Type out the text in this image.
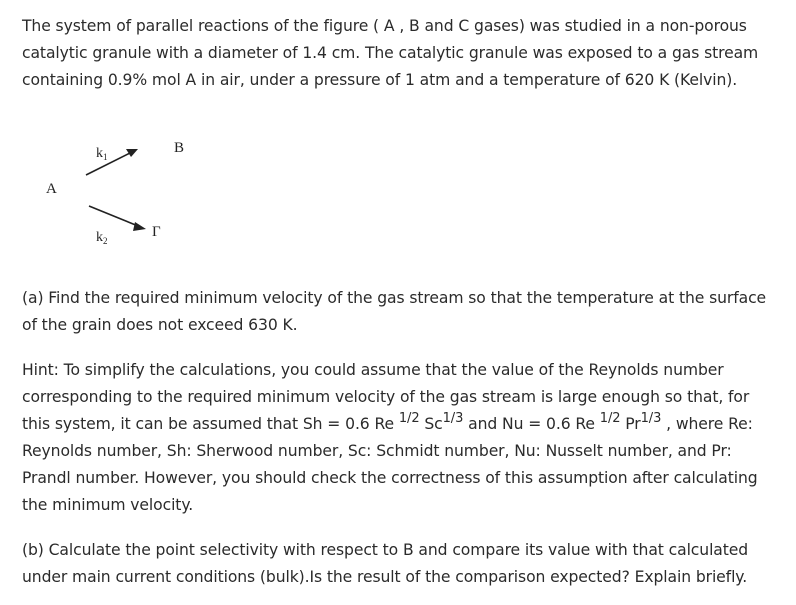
The system of parallel reactions of the figure ( A , B and C gases) was studied in a non-porous
catalytic granule with a diameter of 1.4 cm. The catalytic granule was exposed to a gas stream
containing 0.9% mol A in air, under a pressure of 1 atm and a temperature of 620 K (Kelvin).

A
$k_1$
B
$k_2$
Γ

(a) Find the required minimum velocity of the gas stream so that the temperature at the surface
of the grain does not exceed 630 K.

Hint: To simplify the calculations, you could assume that the value of the Reynolds number
corresponding to the required minimum velocity of the gas stream is large enough so that, for
this system, it can be assumed that Sh = 0.6 Re $^{1/2}$ $Sc^{1/3}$ and Nu = 0.6 Re $^{1/2}$ $Pr^{1/3}$ , where Re:
Reynolds number, Sh: Sherwood number, Sc: Schmidt number, Nu: Nusselt number, and Pr:
Prandl number. However, you should check the correctness of this assumption after calculating
the minimum velocity.

(b) Calculate the point selectivity with respect to B and compare its value with that calculated
under main current conditions (bulk).Is the result of the comparison expected? Explain briefly.
